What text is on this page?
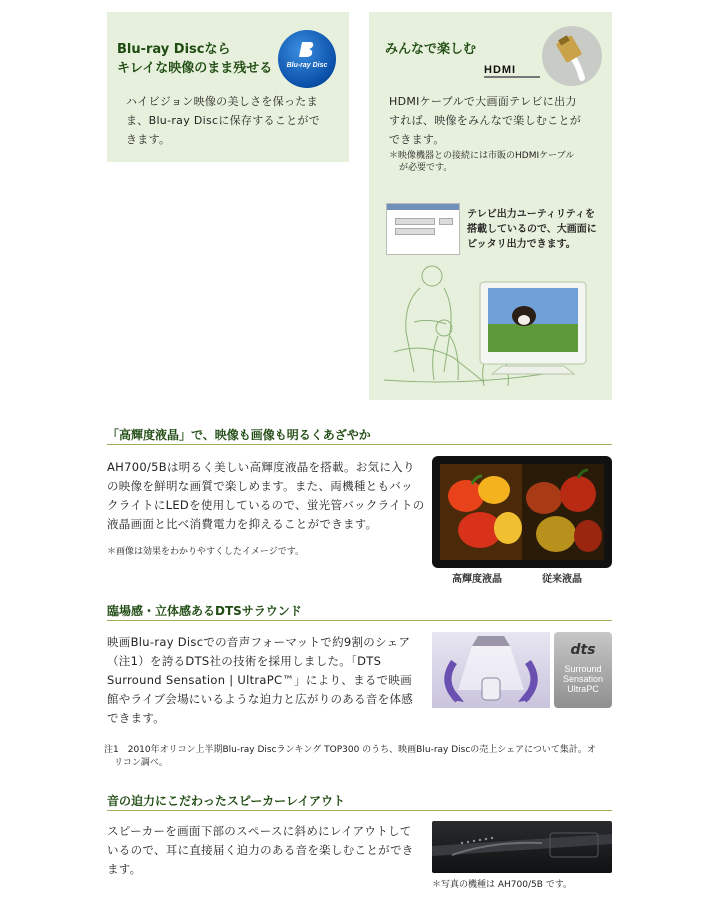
Blu-ray Discなら
キレイな映像のまま残せる	Blu-ray Disc
ハイビジョン映像の美しさを保ったま
ま、Blu-ray Discに保存することがで
きます。
みんなで楽しむ
HDMI
HDMIケーブルで大画面テレビに出力
すれば、映像をみんなで楽しむことが
できます。
＊映像機器との接続には市販のHDMIケーブル
が必要です。
テレビ出力ユーティリティを
搭載しているので、大画面に
ピッタリ出力できます。
「高輝度液晶」で、映像も画像も明るくあざやか
AH700/5Bは明るく美しい高輝度液晶を搭載。お気に入り
の映像を鮮明な画質で楽しめます。また、両機種ともバッ
クライトにLEDを使用しているので、蛍光管バックライトの
液晶画面と比べ消費電力を抑えることができます。
＊画像は効果をわかりやすくしたイメージです。
高輝度液晶	従来液晶
臨場感・立体感あるDTSサラウンド
映画Blu-ray Discでの音声フォーマットで約9割のシェア
（注1）を誇るDTS社の技術を採用しました。「DTS
Surround Sensation | UltraPC™」により、まるで映画
館やライブ会場にいるような迫力と広がりのある音を体感
できます。
dts
Surround
Sensation
UltraPC
注1　2010年オリコン上半期Blu-ray Discランキング TOP300 のうち、映画Blu-ray Discの売上シェアについて集計。オ
リコン調べ。
音の迫力にこだわったスピーカーレイアウト
スピーカーを画面下部のスペースに斜めにレイアウトして
いるので、耳に直接届く迫力のある音を楽しむことができ
ます。
＊写真の機種は AH700/5B です。
